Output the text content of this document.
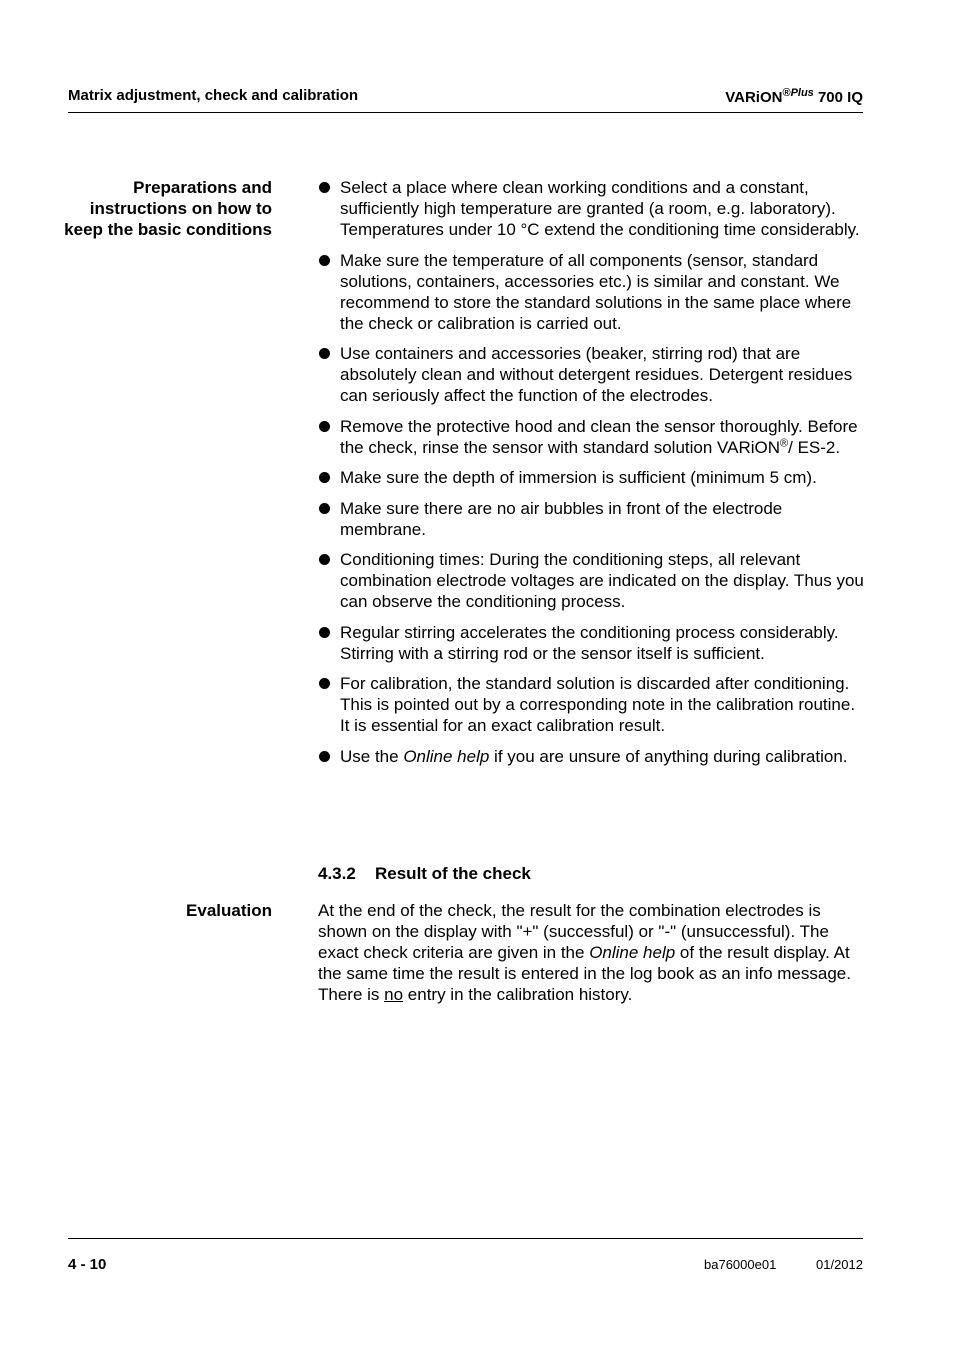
Matrix adjustment, check and calibration	VARiON$^{®Plus}$ 700 IQ
Preparations and instructions on how to keep the basic conditions
Select a place where clean working conditions and a constant, sufficiently high temperature are granted (a room, e.g. laboratory). Temperatures under 10 °C extend the conditioning time considerably.
Make sure the temperature of all components (sensor, standard solutions, containers, accessories etc.) is similar and constant. We recommend to store the standard solutions in the same place where the check or calibration is carried out.
Use containers and accessories (beaker, stirring rod) that are absolutely clean and without detergent residues. Detergent residues can seriously affect the function of the electrodes.
Remove the protective hood and clean the sensor thoroughly. Before the check, rinse the sensor with standard solution VARiON®/ ES-2.
Make sure the depth of immersion is sufficient (minimum 5 cm).
Make sure there are no air bubbles in front of the electrode membrane.
Conditioning times: During the conditioning steps, all relevant combination electrode voltages are indicated on the display. Thus you can observe the conditioning process.
Regular stirring accelerates the conditioning process considerably. Stirring with a stirring rod or the sensor itself is sufficient.
For calibration, the standard solution is discarded after conditioning. This is pointed out by a corresponding note in the calibration routine. It is essential for an exact calibration result.
Use the Online help if you are unsure of anything during calibration.
4.3.2 Result of the check
Evaluation	At the end of the check, the result for the combination electrodes is shown on the display with "+" (successful) or "-" (unsuccessful). The exact check criteria are given in the Online help of the result display. At the same time the result is entered in the log book as an info message. There is no entry in the calibration history.
4 - 10	ba76000e01	01/2012
